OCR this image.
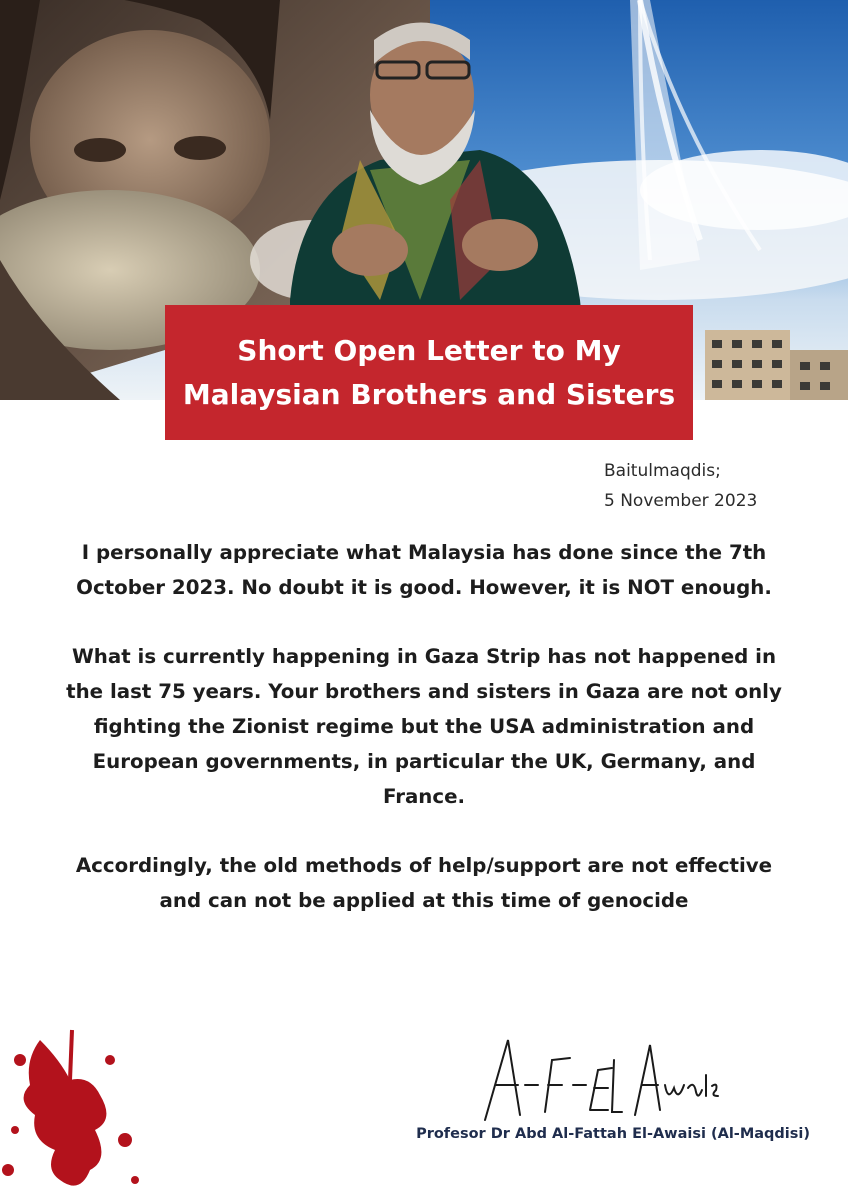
Short Open Letter to My
Malaysian Brothers and Sisters
Baitulmaqdis;
5 November 2023

I personally appreciate what Malaysia has done since the 7th October 2023. No doubt it is good. However, it is NOT enough.

What is currently happening in Gaza Strip has not happened in the last 75 years. Your brothers and sisters in Gaza are not only fighting the Zionist regime but the USA administration and European governments, in particular the UK, Germany, and France.

Accordingly, the old methods of help/support are not effective and can not be applied at this time of genocide

Profesor Dr Abd Al-Fattah El-Awaisi (Al-Maqdisi)
